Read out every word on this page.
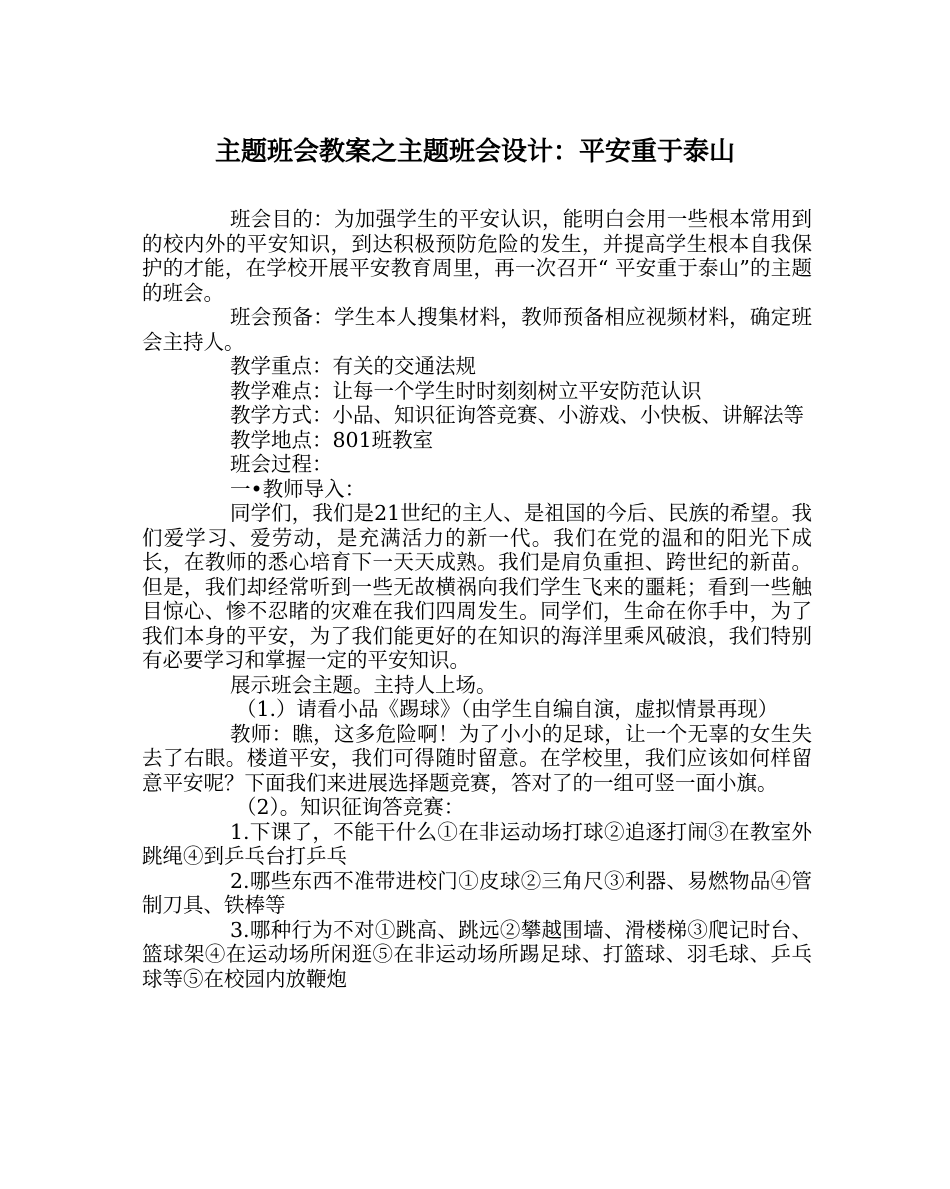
主题班会教案之主题班会设计：平安重于泰山

班会目的：为加强学生的平安认识，能明白会用一些根本常用到的校内外的平安知识，到达积极预防危险的发生，并提高学生根本自我保护的才能，在学校开展平安教育周里，再一次召开“ 平安重于泰山”的主题的班会。

班会预备：学生本人搜集材料，教师预备相应视频材料，确定班会主持人。

教学重点：有关的交通法规

教学难点：让每一个学生时时刻刻树立平安防范认识

教学方式：小品、知识征询答竞赛、小游戏、小快板、讲解法等

教学地点：801班教室

班会过程：

一•教师导入：

同学们，我们是21世纪的主人、是祖国的今后、民族的希望。我们爱学习、爱劳动，是充满活力的新一代。我们在党的温和的阳光下成长，在教师的悉心培育下一天天成熟。我们是肩负重担、跨世纪的新苗。但是，我们却经常听到一些无故横祸向我们学生飞来的噩耗；看到一些触目惊心、惨不忍睹的灾难在我们四周发生。同学们，生命在你手中，为了我们本身的平安，为了我们能更好的在知识的海洋里乘风破浪，我们特别有必要学习和掌握一定的平安知识。

展示班会主题。主持人上场。

（1.）请看小品《踢球》（由学生自编自演，虚拟情景再现）

教师：瞧，这多危险啊！为了小小的足球，让一个无辜的女生失去了右眼。楼道平安，我们可得随时留意。在学校里，我们应该如何样留意平安呢？下面我们来进展选择题竞赛，答对了的一组可竖一面小旗。

（2）。知识征询答竞赛：

1.下课了，不能干什么①在非运动场打球②追逐打闹③在教室外跳绳④到乒乓台打乒乓

2.哪些东西不准带进校门①皮球②三角尺③利器、易燃物品④管制刀具、铁棒等

3.哪种行为不对①跳高、跳远②攀越围墙、滑楼梯③爬记时台、篮球架④在运动场所闲逛⑤在非运动场所踢足球、打篮球、羽毛球、乒乓球等⑤在校园内放鞭炮
